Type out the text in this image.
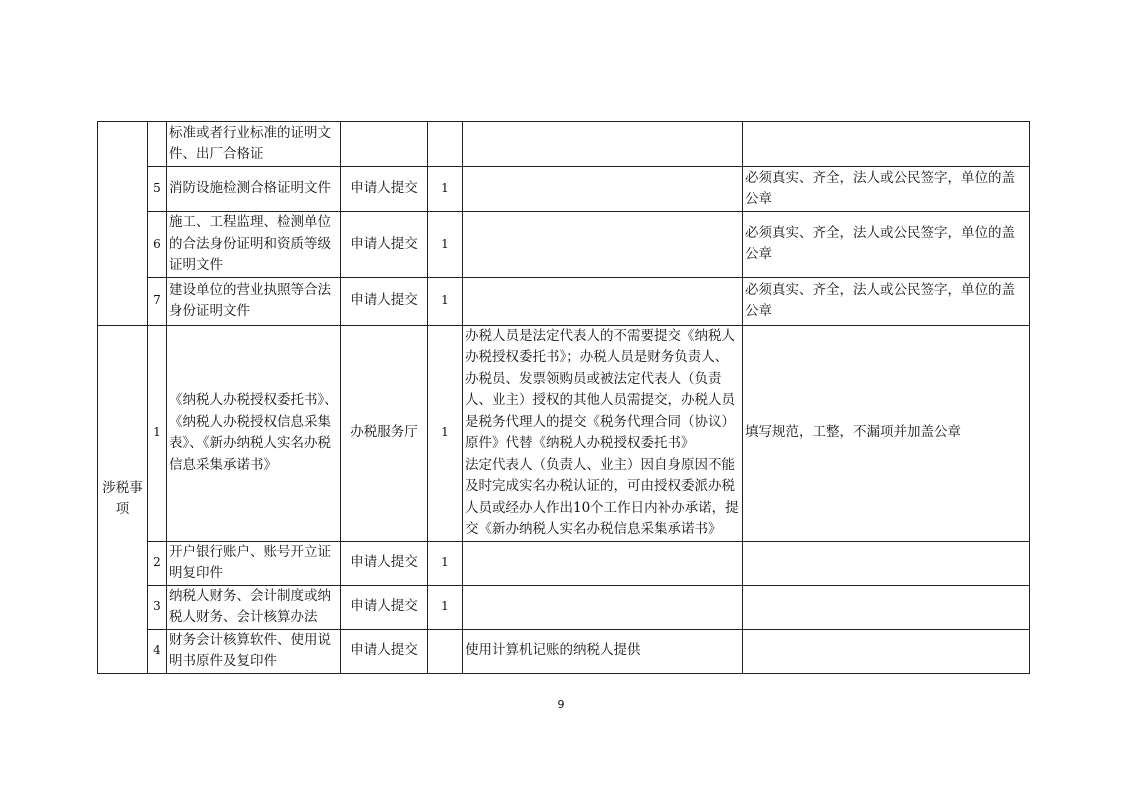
		标准或者行业标准的证明文件、出厂合格证				
	5	消防设施检测合格证明文件	申请人提交	1		必须真实、齐全，法人或公民签字，单位的盖公章
	6	施工、工程监理、检测单位的合法身份证明和资质等级证明文件	申请人提交	1		必须真实、齐全，法人或公民签字，单位的盖公章
	7	建设单位的营业执照等合法身份证明文件	申请人提交	1		必须真实、齐全，法人或公民签字，单位的盖公章
涉税事项	1	《纳税人办税授权委托书》、《纳税人办税授权信息采集表》、《新办纳税人实名办税信息采集承诺书》	办税服务厅	1	办税人员是法定代表人的不需要提交《纳税人办税授权委托书》；办税人员是财务负责人、办税员、发票领购员或被法定代表人（负责人、业主）授权的其他人员需提交，办税人员是税务代理人的提交《税务代理合同（协议）原件》代替《纳税人办税授权委托书》
法定代表人（负责人、业主）因自身原因不能及时完成实名办税认证的，可由授权委派办税人员或经办人作出10个工作日内补办承诺，提交《新办纳税人实名办税信息采集承诺书》	填写规范，工整，不漏项并加盖公章
	2	开户银行账户、账号开立证明复印件	申请人提交	1		
	3	纳税人财务、会计制度或纳税人财务、会计核算办法	申请人提交	1		
	4	财务会计核算软件、使用说明书原件及复印件	申请人提交		使用计算机记账的纳税人提供	
9
